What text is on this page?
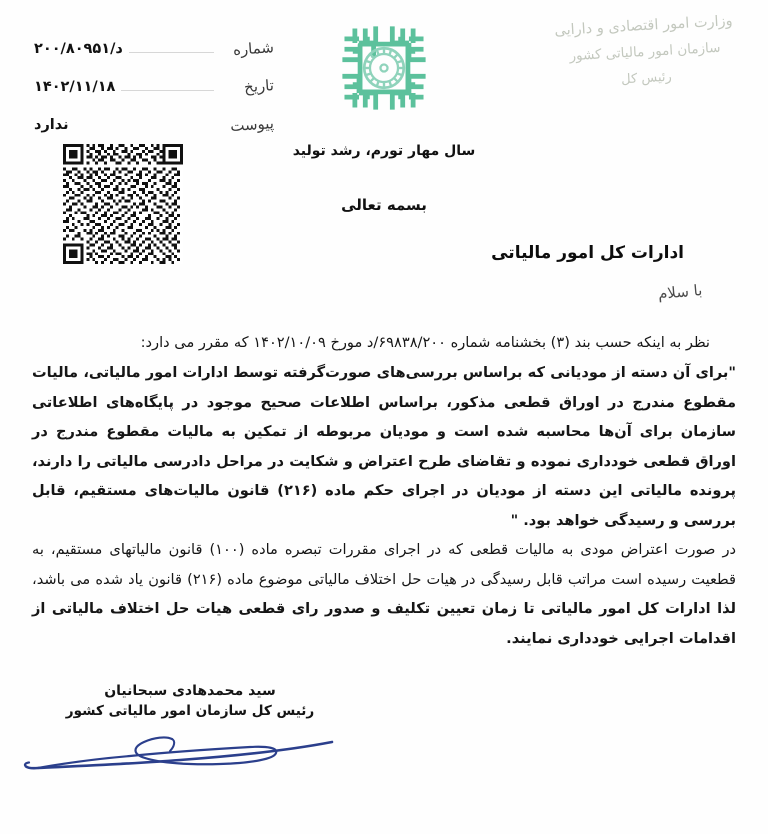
وزارت امور اقتصادی و دارایی
سازمان امور مالیاتی کشور
رئیس کل
شماره
د/۲۰۰/۸۰۹۵۱
تاریخ
۱۴۰۲/۱۱/۱۸
پیوست
ندارد
سال مهار تورم، رشد تولید
بسمه تعالی
ادارات کل امور مالیاتی
با سلام

نظر به اینکه حسب بند (۳) بخشنامه شماره ۶۹۸۳۸/۲۰۰/د مورخ ۱۴۰۲/۱۰/۰۹ که مقرر می دارد:

"برای آن دسته از مودیانی که براساس بررسی‌های صورت‌گرفته توسط ادارات امور مالیاتی، مالیات مقطوع مندرج در اوراق قطعی مذکور، براساس اطلاعات صحیح موجود در پایگاه‌های اطلاعاتی سازمان برای آن‌ها محاسبه شده است و مودیان مربوطه از تمکین به مالیات مقطوع مندرج در اوراق قطعی خودداری نموده و تقاضای طرح اعتراض و شکایت در مراحل دادرسی مالیاتی را دارند، پرونده مالیاتی این دسته از مودیان در اجرای حکم ماده (۲۱۶) قانون مالیات‌های مستقیم، قابل بررسی و رسیدگی خواهد بود. "

در صورت اعتراض مودی به مالیات قطعی که در اجرای مقررات تبصره ماده (۱۰۰) قانون مالیاتهای مستقیم، به قطعیت رسیده است مراتب قابل رسیدگی در هیات حل اختلاف مالیاتی موضوع ماده (۲۱۶) قانون یاد شده می باشد، لذا ادارات کل امور مالیاتی تا زمان تعیین تکلیف و صدور رای قطعی هیات حل اختلاف مالیاتی از اقدامات اجرایی خودداری نمایند.

سید محمدهادی سبحانیان
رئیس کل سازمان امور مالیاتی کشور
